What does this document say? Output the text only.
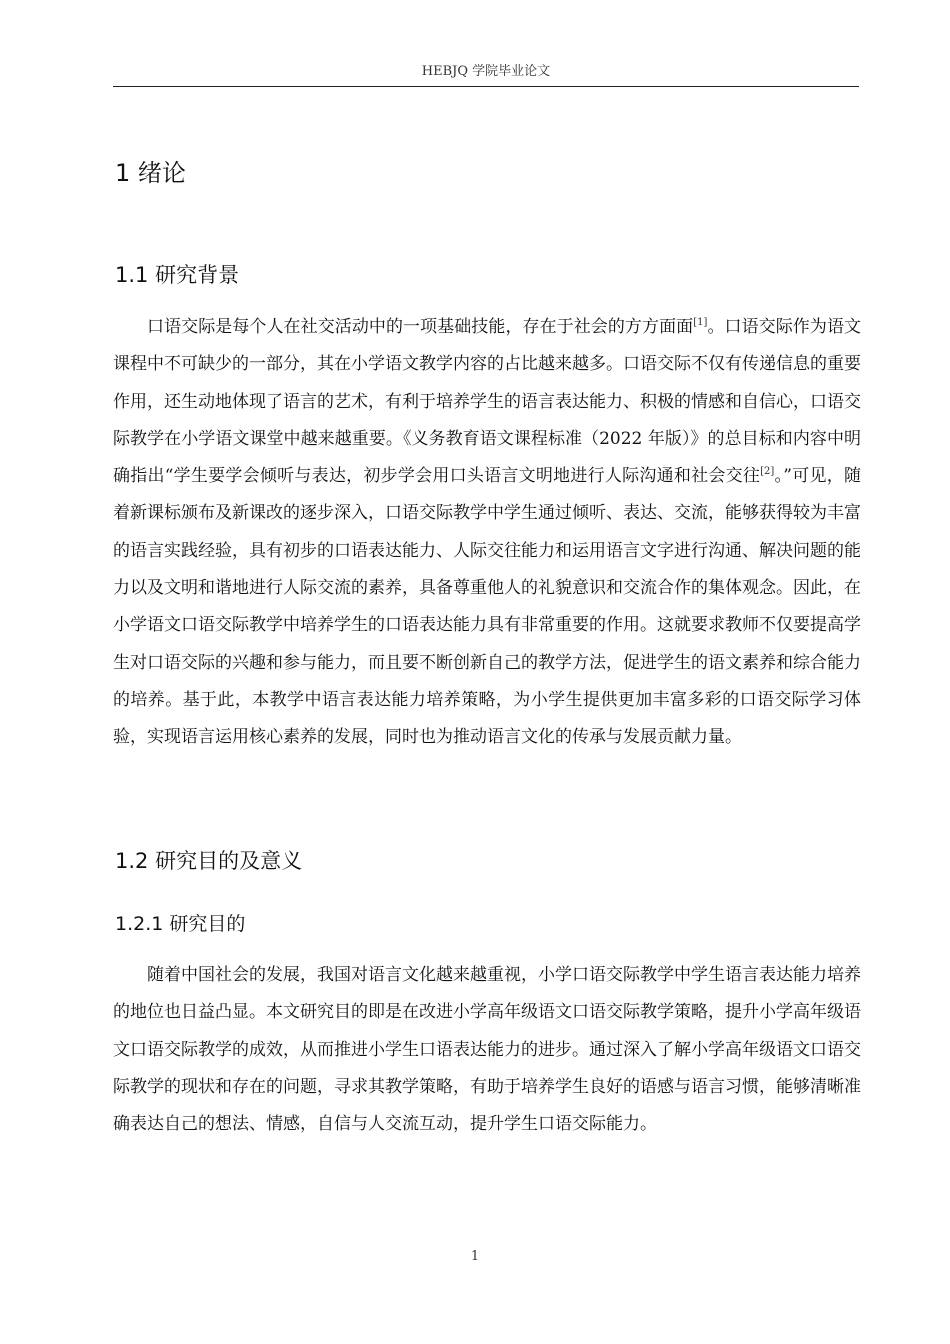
HEBJQ 学院毕业论文
1 绪论
1.1 研究背景

口语交际是每个人在社交活动中的一项基础技能，存在于社会的方方面面[1]。口语交际作为语文课程中不可缺少的一部分，其在小学语文教学内容的占比越来越多。口语交际不仅有传递信息的重要作用，还生动地体现了语言的艺术，有利于培养学生的语言表达能力、积极的情感和自信心，口语交际教学在小学语文课堂中越来越重要。《义务教育语文课程标准（2022 年版）》的总目标和内容中明确指出“学生要学会倾听与表达，初步学会用口头语言文明地进行人际沟通和社会交往[2]。”可见，随着新课标颁布及新课改的逐步深入，口语交际教学中学生通过倾听、表达、交流，能够获得较为丰富的语言实践经验，具有初步的口语表达能力、人际交往能力和运用语言文字进行沟通、解决问题的能力以及文明和谐地进行人际交流的素养，具备尊重他人的礼貌意识和交流合作的集体观念。因此，在小学语文口语交际教学中培养学生的口语表达能力具有非常重要的作用。这就要求教师不仅要提高学生对口语交际的兴趣和参与能力，而且要不断创新自己的教学方法，促进学生的语文素养和综合能力的培养。基于此，本教学中语言表达能力培养策略，为小学生提供更加丰富多彩的口语交际学习体验，实现语言运用核心素养的发展，同时也为推动语言文化的传承与发展贡献力量。

1.2 研究目的及意义
1.2.1 研究目的

随着中国社会的发展，我国对语言文化越来越重视，小学口语交际教学中学生语言表达能力培养的地位也日益凸显。本文研究目的即是在改进小学高年级语文口语交际教学策略，提升小学高年级语文口语交际教学的成效，从而推进小学生口语表达能力的进步。通过深入了解小学高年级语文口语交际教学的现状和存在的问题，寻求其教学策略，有助于培养学生良好的语感与语言习惯，能够清晰准确表达自己的想法、情感，自信与人交流互动，提升学生口语交际能力。

1
